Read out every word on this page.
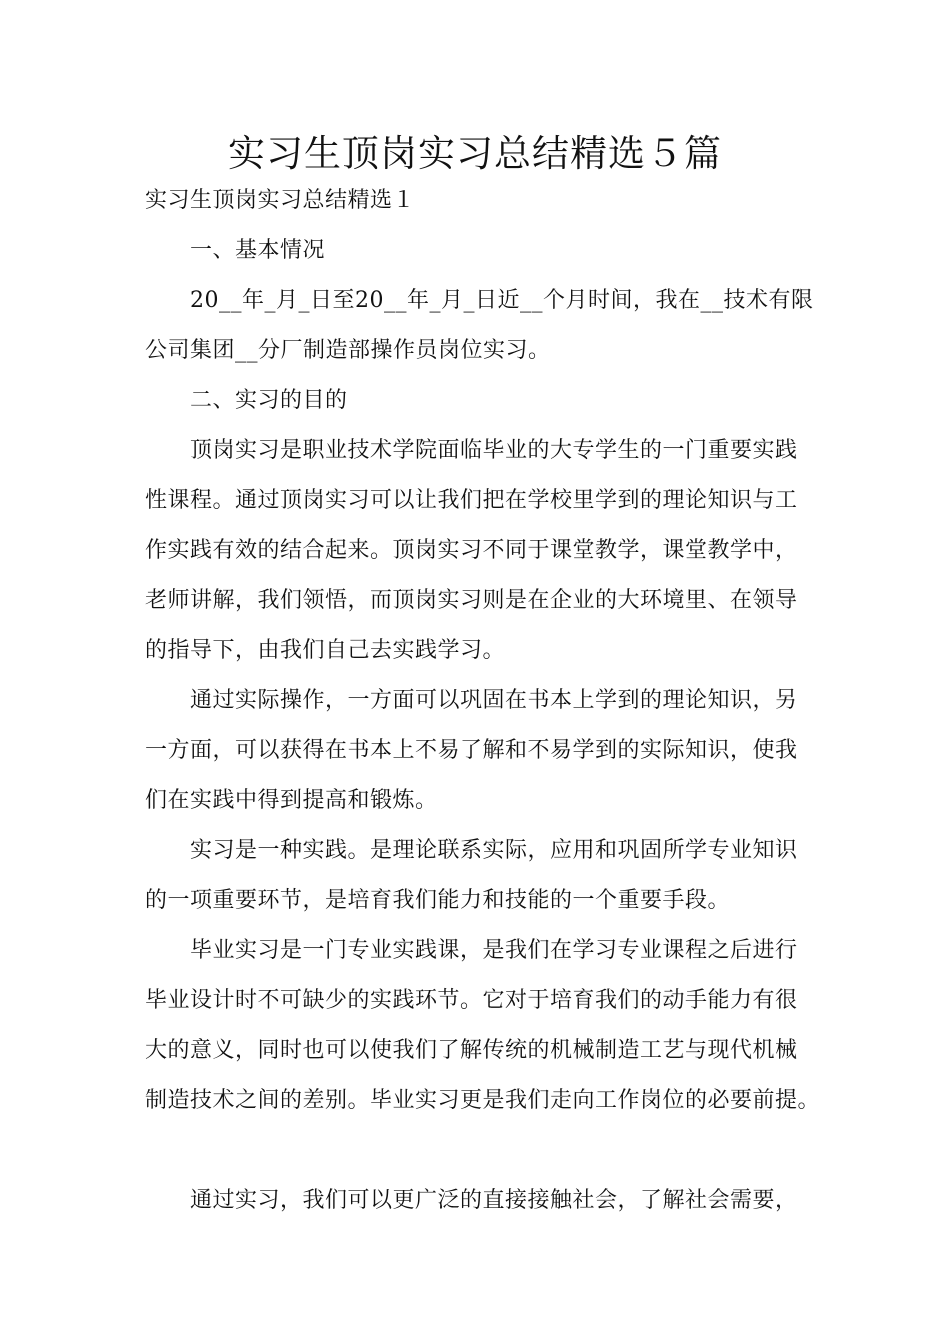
实习生顶岗实习总结精选５篇

实习生顶岗实习总结精选１

一、基本情况

20__年_月_日至20__年_月_日近__个月时间，我在__技术有限

公司集团__分厂制造部操作员岗位实习。

二、实习的目的

顶岗实习是职业技术学院面临毕业的大专学生的一门重要实践

性课程。通过顶岗实习可以让我们把在学校里学到的理论知识与工

作实践有效的结合起来。顶岗实习不同于课堂教学，课堂教学中，

老师讲解，我们领悟，而顶岗实习则是在企业的大环境里、在领导

的指导下，由我们自己去实践学习。

通过实际操作，一方面可以巩固在书本上学到的理论知识，另

一方面，可以获得在书本上不易了解和不易学到的实际知识，使我

们在实践中得到提高和锻炼。

实习是一种实践。是理论联系实际，应用和巩固所学专业知识

的一项重要环节，是培育我们能力和技能的一个重要手段。

毕业实习是一门专业实践课，是我们在学习专业课程之后进行

毕业设计时不可缺少的实践环节。它对于培育我们的动手能力有很

大的意义，同时也可以使我们了解传统的机械制造工艺与现代机械

制造技术之间的差别。毕业实习更是我们走向工作岗位的必要前提。

通过实习，我们可以更广泛的直接接触社会，了解社会需要，
